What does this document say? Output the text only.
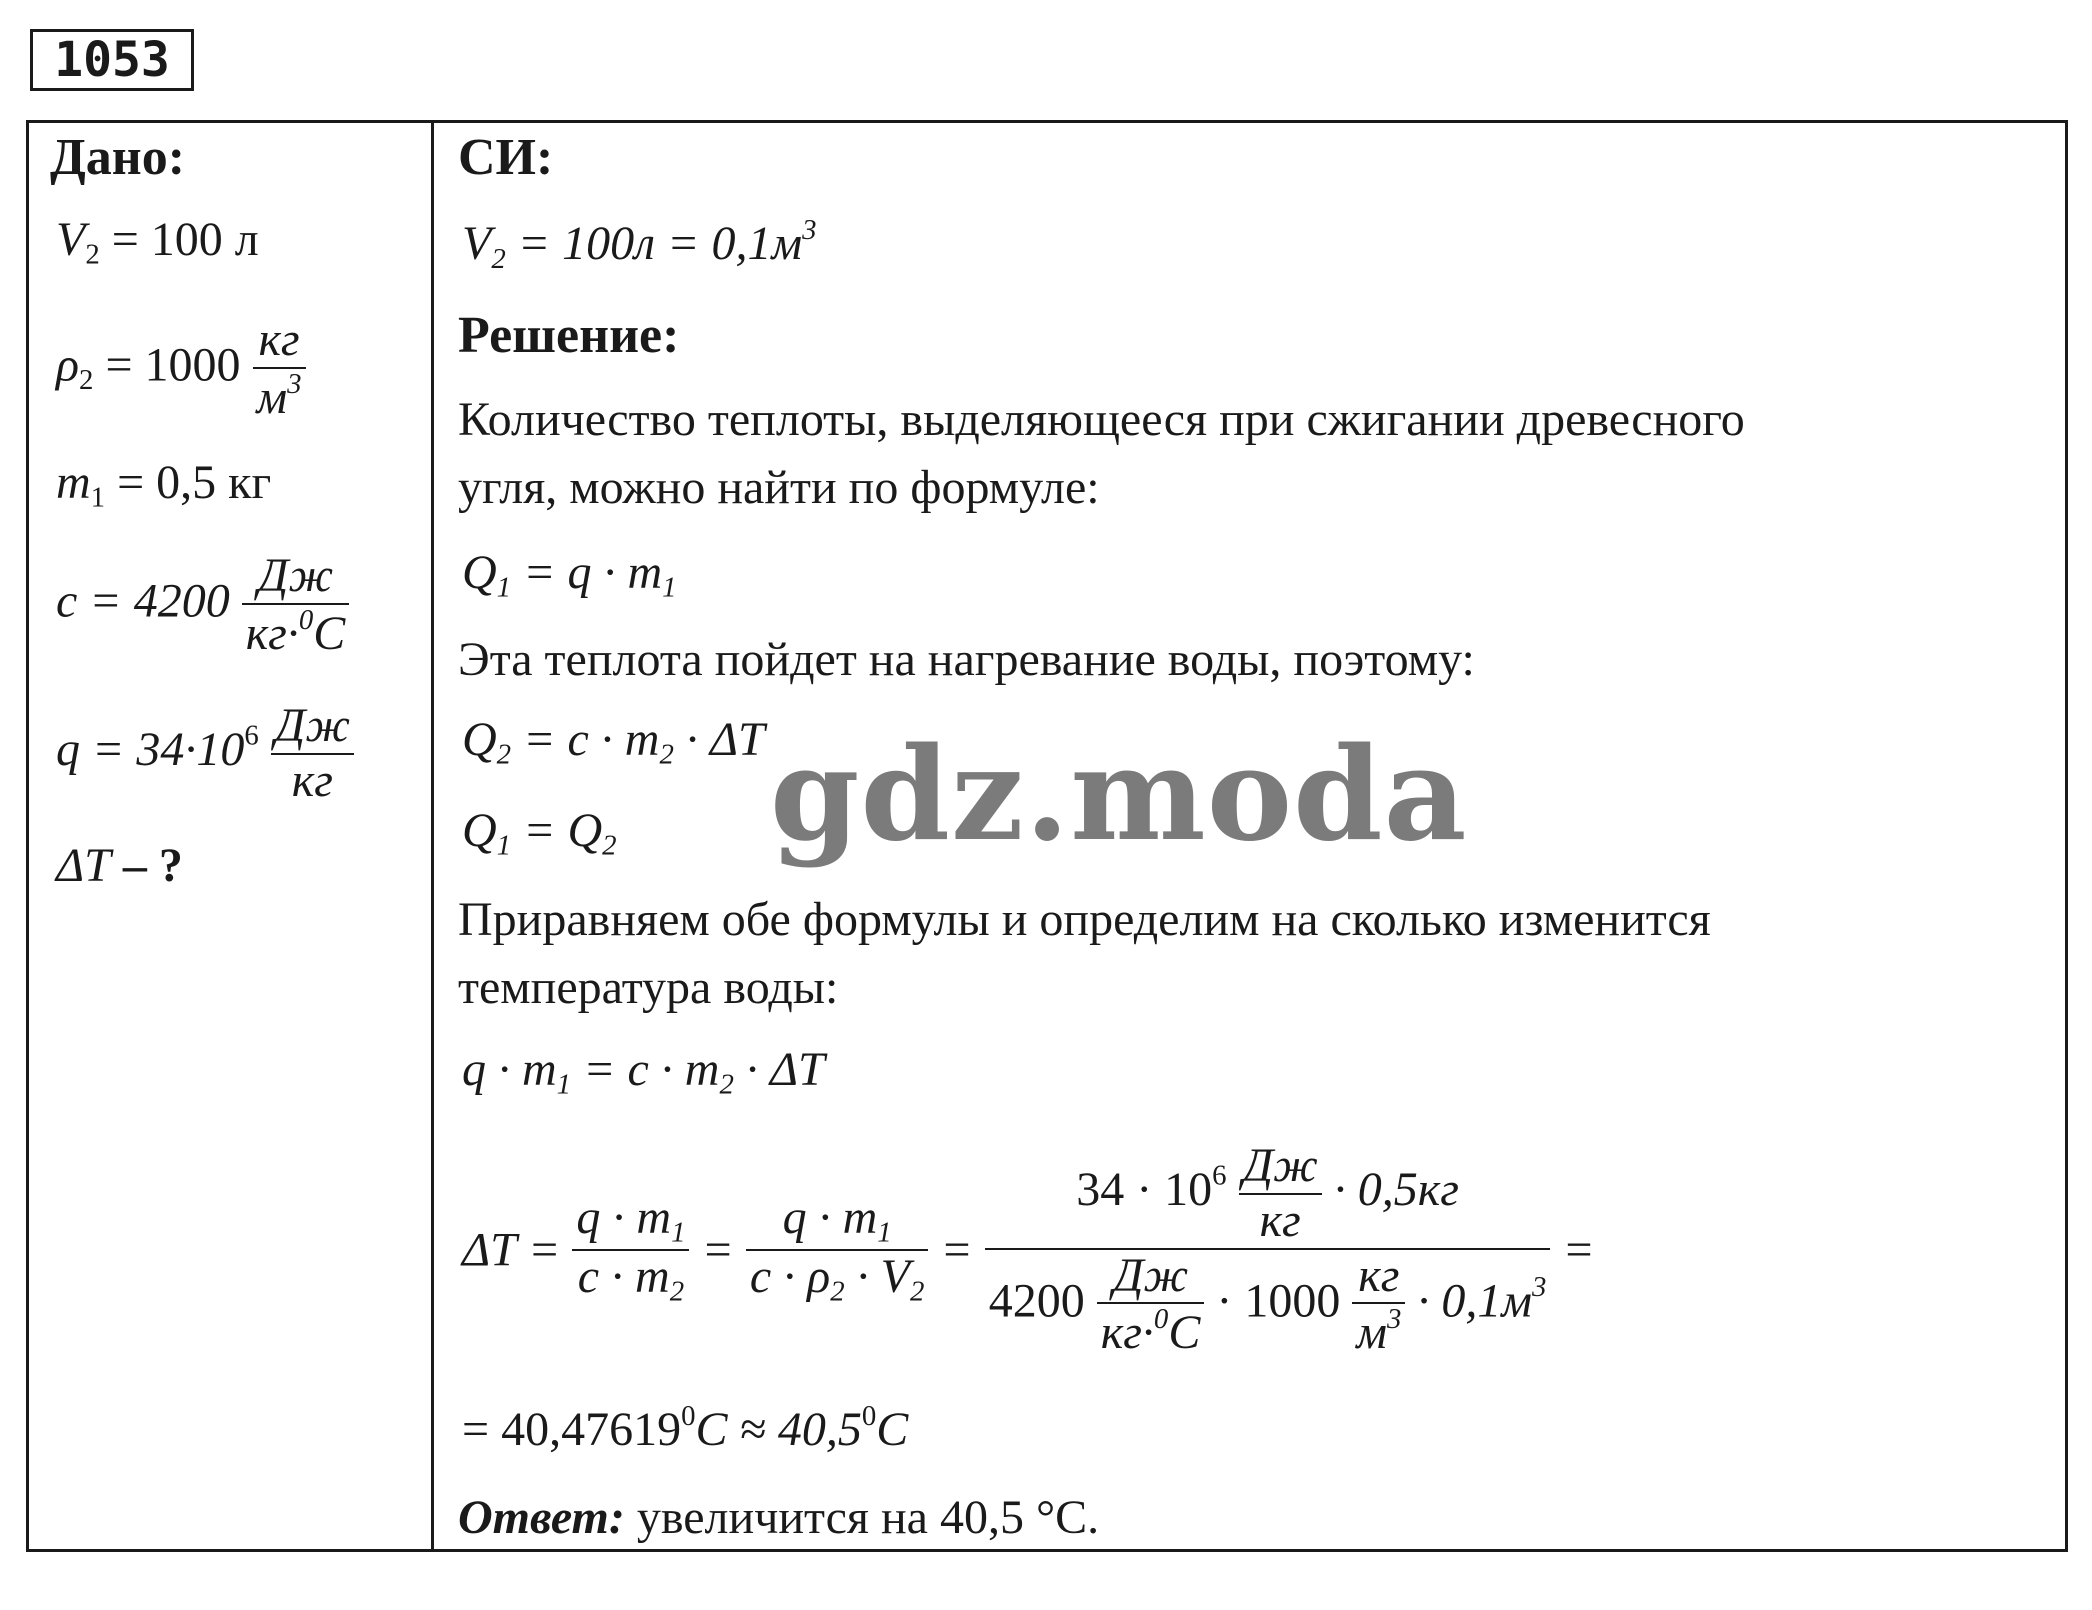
1053
Дано:
$V_2 = 100$ л
$\rho_2 = 1000 \frac{кг}{м^3}$
$m_1 = 0,5$ кг
$c = 4200 \frac{Дж}{кг\cdot^0C}$
$q = 34\cdot 10^6 \frac{Дж}{кг}$
ΔT – ?
СИ:
$V_2 = 100л = 0,1м^3$
Решение:
Количество теплоты, выделяющееся при сжигании древесного
угля, можно найти по формуле:
$Q_1 = q \cdot m_1$
Эта теплота пойдет на нагревание воды, поэтому:
$Q_2 = c \cdot m_2 \cdot \Delta T$
$Q_1 = Q_2$
Приравняем обе формулы и определим на сколько изменится
температура воды:
$q \cdot m_1 = c \cdot m_2 \cdot \Delta T$
$\Delta T = \frac{q \cdot m_1}{c \cdot m_2} = \frac{q \cdot m_1}{c \cdot \rho_2 \cdot V_2} = \frac{34 \cdot 10^6 \frac{Дж}{кг} \cdot 0,5кг}{4200 \frac{Дж}{кг\cdot^0C} \cdot 1000 \frac{кг}{м^3} \cdot 0,1м^3}$ =
= $40,47619^0C \approx 40,5^0C$
Ответ: увеличится на 40,5 °С.
gdz.moda
